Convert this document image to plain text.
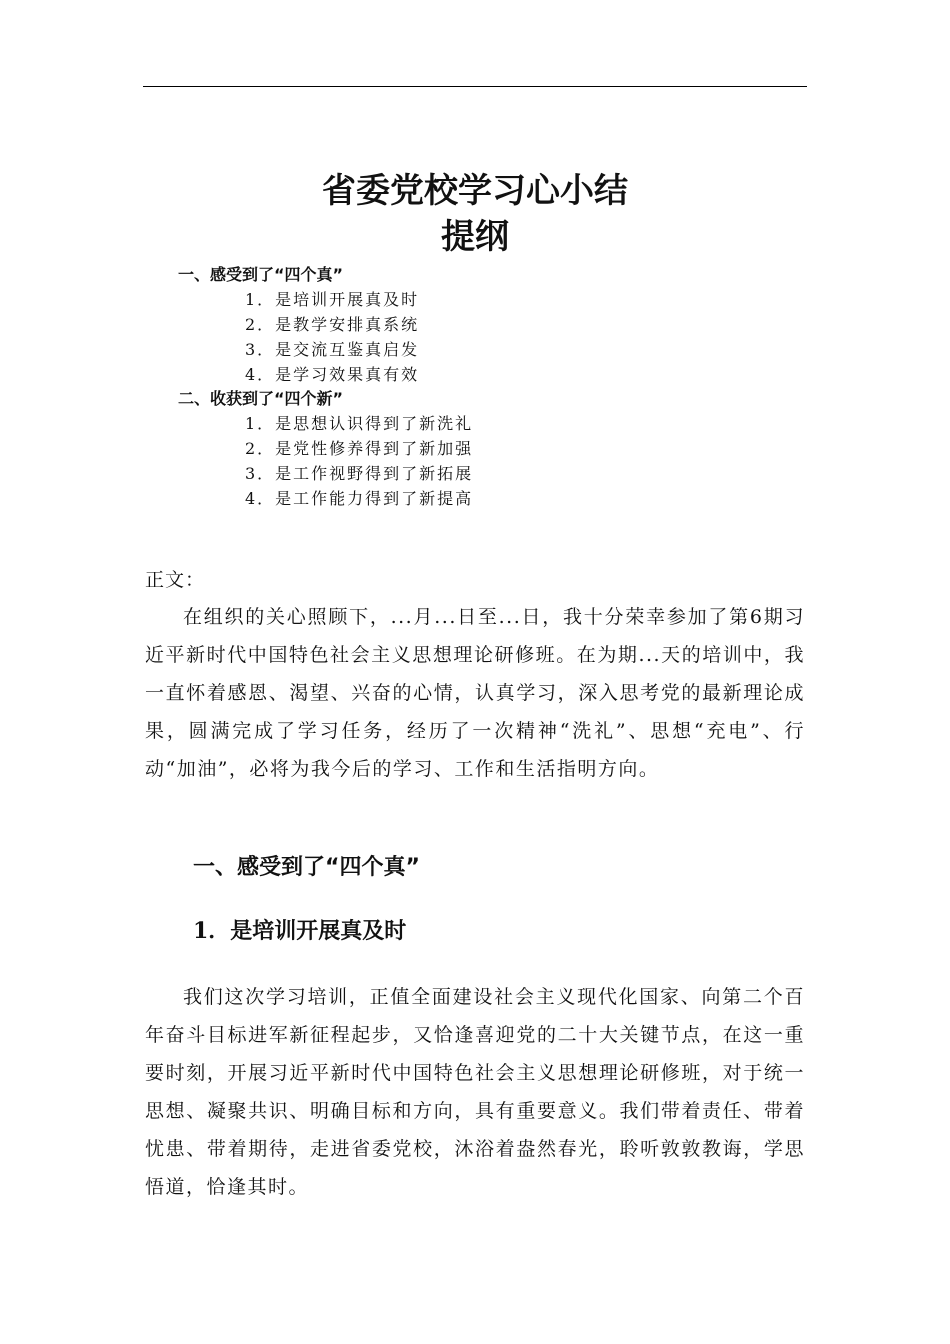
省委党校学习心小结
提纲
一、感受到了“四个真”
1．是培训开展真及时
2．是教学安排真系统
3．是交流互鉴真启发
4．是学习效果真有效
二、收获到了“四个新”
1．是思想认识得到了新洗礼
2．是党性修养得到了新加强
3．是工作视野得到了新拓展
4．是工作能力得到了新提高
正文：

在组织的关心照顾下，...月...日至...日，我十分荣幸参加了第6期习近平新时代中国特色社会主义思想理论研修班。在为期...天的培训中，我一直怀着感恩、渴望、兴奋的心情，认真学习，深入思考党的最新理论成果，圆满完成了学习任务，经历了一次精神“洗礼”、思想“充电”、行动“加油”，必将为我今后的学习、工作和生活指明方向。

一、感受到了“四个真”
1．是培训开展真及时

我们这次学习培训，正值全面建设社会主义现代化国家、向第二个百年奋斗目标进军新征程起步，又恰逢喜迎党的二十大关键节点，在这一重要时刻，开展习近平新时代中国特色社会主义思想理论研修班，对于统一思想、凝聚共识、明确目标和方向，具有重要意义。我们带着责任、带着忧患、带着期待，走进省委党校，沐浴着盎然春光，聆听敦敦教诲，学思悟道，恰逢其时。
